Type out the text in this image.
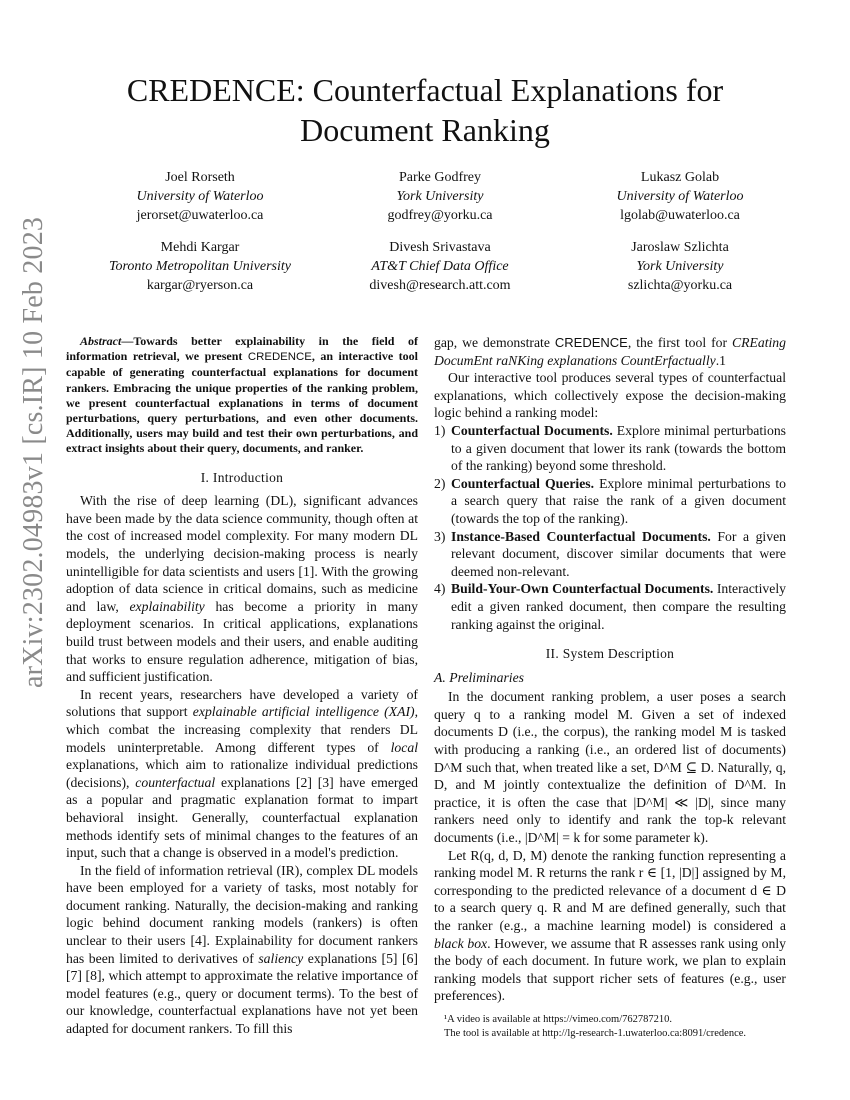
arXiv:2302.04983v1 [cs.IR] 10 Feb 2023
CREDENCE: Counterfactual Explanations for Document Ranking
Joel Rorseth
University of Waterloo
jerorset@uwaterloo.ca
Parke Godfrey
York University
godfrey@yorku.ca
Lukasz Golab
University of Waterloo
lgolab@uwaterloo.ca
Mehdi Kargar
Toronto Metropolitan University
kargar@ryerson.ca
Divesh Srivastava
AT&T Chief Data Office
divesh@research.att.com
Jaroslaw Szlichta
York University
szlichta@yorku.ca

Abstract—Towards better explainability in the field of information retrieval, we present CREDENCE, an interactive tool capable of generating counterfactual explanations for document rankers. Embracing the unique properties of the ranking problem, we present counterfactual explanations in terms of document perturbations, query perturbations, and even other documents. Additionally, users may build and test their own perturbations, and extract insights about their query, documents, and ranker.

I. Introduction

With the rise of deep learning (DL), significant advances have been made by the data science community, though often at the cost of increased model complexity. For many modern DL models, the underlying decision-making process is nearly unintelligible for data scientists and users [1]. With the growing adoption of data science in critical domains, such as medicine and law, explainability has become a priority in many deployment scenarios. In critical applications, explanations build trust between models and their users, and enable auditing that works to ensure regulation adherence, mitigation of bias, and sufficient justification.

In recent years, researchers have developed a variety of solutions that support explainable artificial intelligence (XAI), which combat the increasing complexity that renders DL models uninterpretable. Among different types of local explanations, which aim to rationalize individual predictions (decisions), counterfactual explanations [2] [3] have emerged as a popular and pragmatic explanation format to impart behavioral insight. Generally, counterfactual explanation methods identify sets of minimal changes to the features of an input, such that a change is observed in a model's prediction.

In the field of information retrieval (IR), complex DL models have been employed for a variety of tasks, most notably for document ranking. Naturally, the decision-making and ranking logic behind document ranking models (rankers) is often unclear to their users [4]. Explainability for document rankers has been limited to derivatives of saliency explanations [5] [6] [7] [8], which attempt to approximate the relative importance of model features (e.g., query or document terms). To the best of our knowledge, counterfactual explanations have not yet been adapted for document rankers. To fill this

gap, we demonstrate CREDENCE, the first tool for CREating DocumEnt raNKing explanations CountErfactually.1

Our interactive tool produces several types of counterfactual explanations, which collectively expose the decision-making logic behind a ranking model:

1) Counterfactual Documents. Explore minimal perturbations to a given document that lower its rank (towards the bottom of the ranking) beyond some threshold.
2) Counterfactual Queries. Explore minimal perturbations to a search query that raise the rank of a given document (towards the top of the ranking).
3) Instance-Based Counterfactual Documents. For a given relevant document, discover similar documents that were deemed non-relevant.
4) Build-Your-Own Counterfactual Documents. Interactively edit a given ranked document, then compare the resulting ranking against the original.
II. System Description
A. Preliminaries

In the document ranking problem, a user poses a search query q to a ranking model M. Given a set of indexed documents D (i.e., the corpus), the ranking model M is tasked with producing a ranking (i.e., an ordered list of documents) D^M such that, when treated like a set, D^M ⊆ D. Naturally, q, D, and M jointly contextualize the definition of D^M. In practice, it is often the case that |D^M| ≪ |D|, since many rankers need only to identify and rank the top-k relevant documents (i.e., |D^M| = k for some parameter k).

Let R(q, d, D, M) denote the ranking function representing a ranking model M. R returns the rank r ∈ [1, |D|] assigned by M, corresponding to the predicted relevance of a document d ∈ D to a search query q. R and M are defined generally, such that the ranker (e.g., a machine learning model) is considered a black box. However, we assume that R assesses rank using only the body of each document. In future work, we plan to explain ranking models that support richer sets of features (e.g., user preferences).

¹A video is available at https://vimeo.com/762787210.
The tool is available at http://lg-research-1.uwaterloo.ca:8091/credence.
